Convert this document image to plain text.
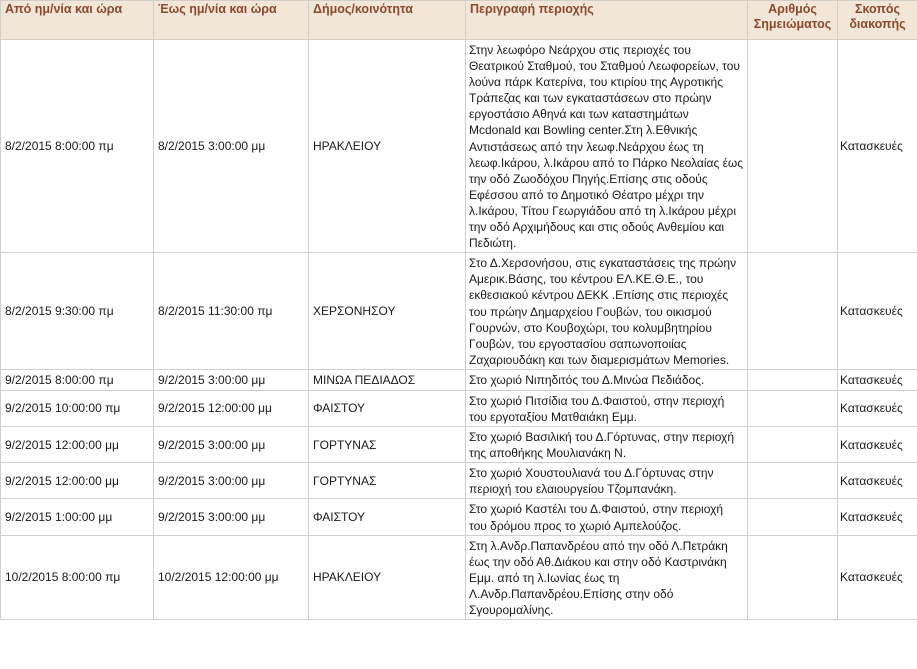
Από ημ/νία και ώρα	Έως ημ/νία και ώρα	Δήμος/κοινότητα	Περιγραφή περιοχής	Αριθμός Σημειώματος	Σκοπός διακοπής
8/2/2015 8:00:00 πμ	8/2/2015 3:00:00 μμ	ΗΡΑΚΛΕΙΟΥ	Στην λεωφόρο Νεάρχου στις περιοχές του Θεατρικού Σταθμού, του Σταθμού Λεωφορείων, του λούνα πάρκ Κατερίνα, του κτιρίου της Αγροτικής Τράπεζας και των εγκαταστάσεων στο πρώην εργοστάσιο Αθηνά και των καταστημάτων Mcdonald και Bowling center.Στη λ.Εθνικής Αντιστάσεως από την λεωφ.Νεάρχου έως τη λεωφ.Ικάρου, λ.Ικάρου από το Πάρκο Νεολαίας έως την οδό Ζωοδόχου Πηγής.Επίσης στις οδούς Εφέσσου από το Δημοτικό Θέατρο μέχρι την λ.Ικάρου, Τίτου Γεωργιάδου από τη λ.Ικάρου μέχρι την οδό Αρχιμήδους και στις οδούς Ανθεμίου και Πεδιώτη.		Κατασκευές
8/2/2015 9:30:00 πμ	8/2/2015 11:30:00 πμ	ΧΕΡΣΟΝΗΣΟΥ	Στο Δ.Χερσονήσου, στις εγκαταστάσεις της πρώην Αμερικ.Βάσης, του κέντρου ΕΛ.ΚΕ.Θ.Ε., του εκθεσιακού κέντρου ΔΕΚΚ .Επίσης στις περιοχές του πρώην Δημαρχείου Γουβών, του οικισμού Γουρνών, στο Κουβοχώρι, του κολυμβητηρίου Γουβών, του εργοστασίου σαπωνοποιίας Ζαχαριουδάκη και των διαμερισμάτων Memories.		Κατασκευές
9/2/2015 8:00:00 πμ	9/2/2015 3:00:00 μμ	ΜΙΝΩΑ ΠΕΔΙΑΔΟΣ	Στο χωριό Νιπηδιτός του Δ.Μινώα Πεδιάδος.		Κατασκευές
9/2/2015 10:00:00 πμ	9/2/2015 12:00:00 μμ	ΦΑΙΣΤΟΥ	Στο χωριό Πιτσίδια του Δ.Φαιστού, στην περιοχή του εργοταξίου Ματθαιάκη Εμμ.		Κατασκευές
9/2/2015 12:00:00 μμ	9/2/2015 3:00:00 μμ	ΓΟΡΤΥΝΑΣ	Στο χωριό Βασιλική του Δ.Γόρτυνας, στην περιοχή της αποθήκης Μουλιανάκη Ν.		Κατασκευές
9/2/2015 12:00:00 μμ	9/2/2015 3:00:00 μμ	ΓΟΡΤΥΝΑΣ	Στο χωριό Χουστουλιανά του Δ.Γόρτυνας στην περιοχή του ελαιουργείου Τζομπανάκη.		Κατασκευές
9/2/2015 1:00:00 μμ	9/2/2015 3:00:00 μμ	ΦΑΙΣΤΟΥ	Στο χωριό Καστέλι του Δ.Φαιστού, στην περιοχή του δρόμου προς το χωριό Αμπελούζος.		Κατασκευές
10/2/2015 8:00:00 πμ	10/2/2015 12:00:00 μμ	ΗΡΑΚΛΕΙΟΥ	Στη λ.Ανδρ.Παπανδρέου από την οδό Λ.Πετράκη έως την οδό Αθ.Διάκου και στην οδό Καστρινάκη Εμμ. από τη λ.Ιωνίας έως τη Λ.Ανδρ.Παπανδρέου.Επίσης στην οδό Σγουρομαλίνης.		Κατασκευές
